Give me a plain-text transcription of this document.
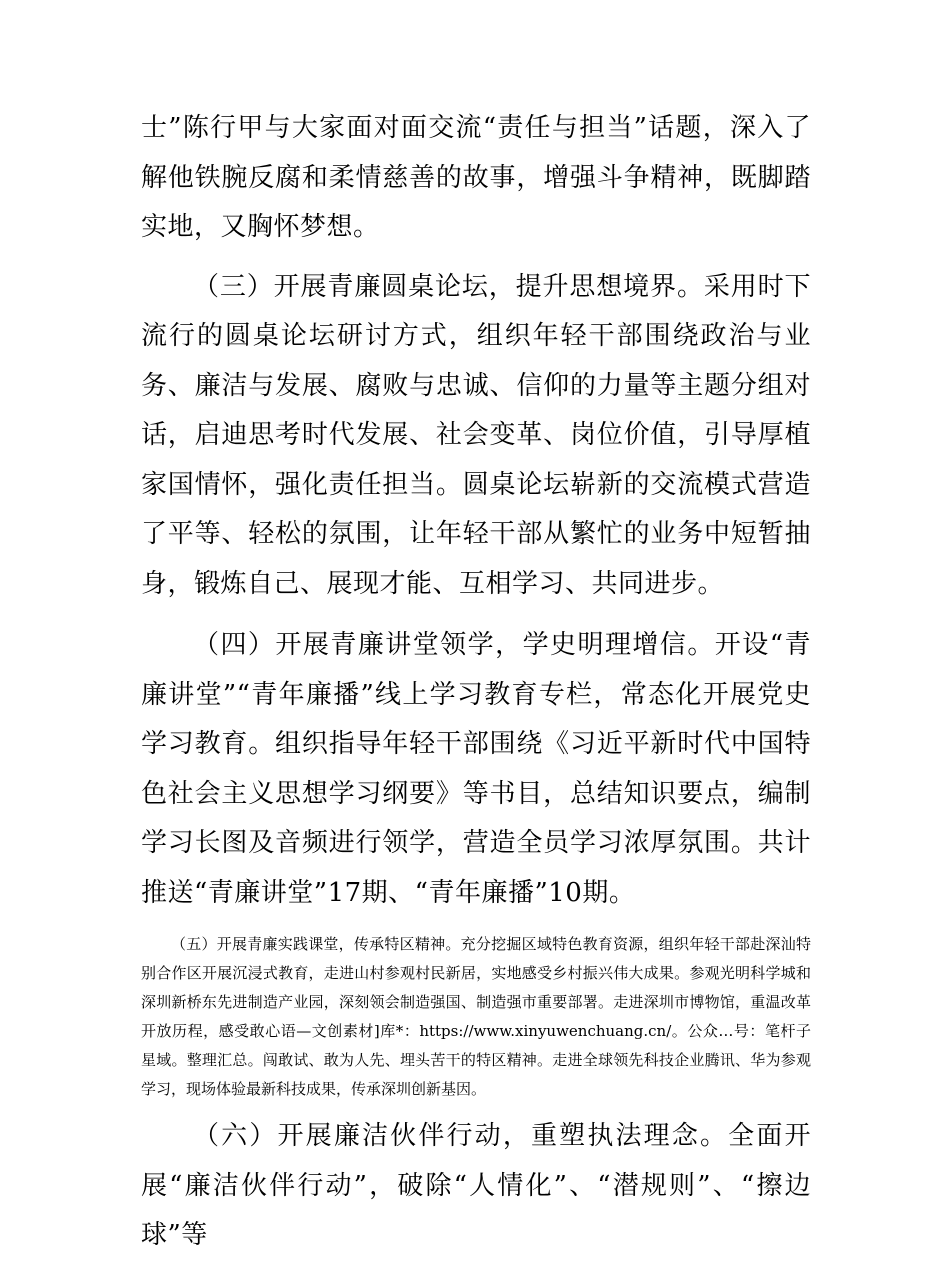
士”陈行甲与大家面对面交流“责任与担当”话题，深入了解他铁腕反腐和柔情慈善的故事，增强斗争精神，既脚踏实地，又胸怀梦想。

（三）开展青廉圆桌论坛，提升思想境界。采用时下流行的圆桌论坛研讨方式，组织年轻干部围绕政治与业务、廉洁与发展、腐败与忠诚、信仰的力量等主题分组对话，启迪思考时代发展、社会变革、岗位价值，引导厚植家国情怀，强化责任担当。圆桌论坛崭新的交流模式营造了平等、轻松的氛围，让年轻干部从繁忙的业务中短暂抽身，锻炼自己、展现才能、互相学习、共同进步。

（四）开展青廉讲堂领学，学史明理增信。开设“青廉讲堂”“青年廉播”线上学习教育专栏，常态化开展党史学习教育。组织指导年轻干部围绕《习近平新时代中国特色社会主义思想学习纲要》等书目，总结知识要点，编制学习长图及音频进行领学，营造全员学习浓厚氛围。共计推送“青廉讲堂”17期、“青年廉播”10期。

（五）开展青廉实践课堂，传承特区精神。充分挖掘区域特色教育资源，组织年轻干部赴深汕特别合作区开展沉浸式教育，走进山村参观村民新居，实地感受乡村振兴伟大成果。参观光明科学城和深圳新桥东先进制造产业园，深刻领会制造强国、制造强市重要部署。走进深圳市博物馆，重温改革开放历程，感受敢心语—文创素材]库*：https://www.xinyuwenchuang.cn/。公众…号：笔杆子星域。整理汇总。闯敢试、敢为人先、埋头苦干的特区精神。走进全球领先科技企业腾讯、华为参观学习，现场体验最新科技成果，传承深圳创新基因。

（六）开展廉洁伙伴行动，重塑执法理念。全面开展“廉洁伙伴行动”，破除“人情化”、“潜规则”、“擦边球”等
